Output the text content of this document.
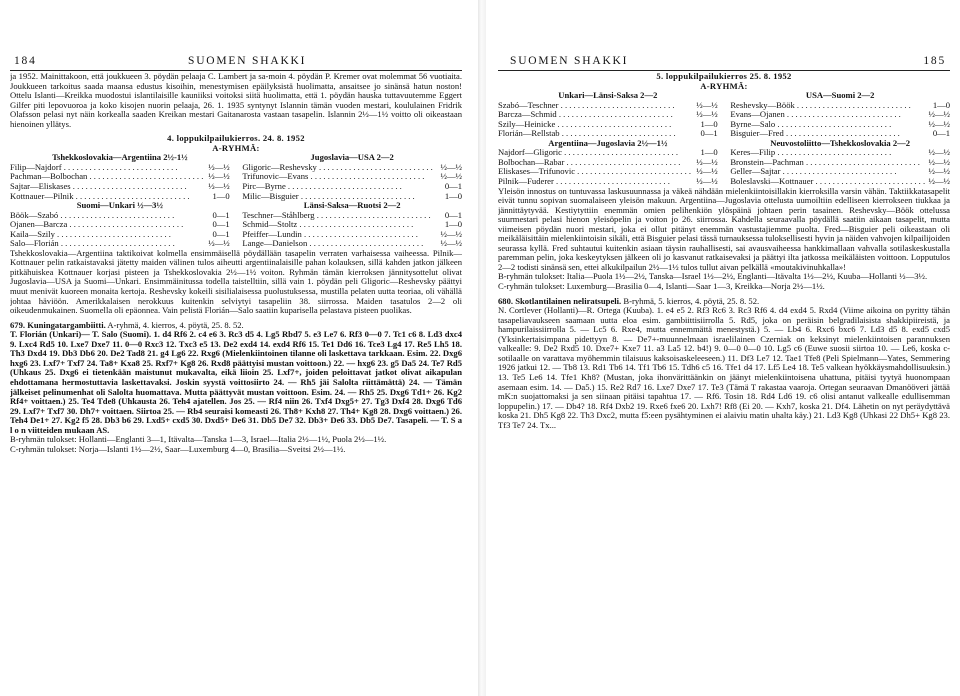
184	SUOMEN SHAKKI

ja 1952. Mainittakoon, että joukkueen 3. pöydän pelaaja C. Lambert ja sa-moin 4. pöydän P. Kremer ovat molemmat 56 vuotiaita. Joukkueen tarkoitus saada maansa edustus kisoihin, menestymisen epäilyksistä huolimatta, ansaitsee jo sinänsä hatun noston! Ottelu Islanti—Kreikka muodostui islantilaisille kauniiksi voitoksi siitä huolimatta, että 1. pöydän hauska tuttavuutemme Eggert Gilfer piti lepovuoroa ja koko kisojen nuorin pelaaja, 26. 1. 1935 syntynyt Islannin tämän vuoden mestari, koululainen Fridrik Olafsson pelasi nyt näin korkealla saaden Kreikan mestari Gaitanarosta vastaan tasapelin. Islannin 2½—1½ voitto oli oikeastaan hienoinen yllätys.

4. loppukilpailukierros. 24. 8. 1952
A-RYHMÄ:
Tshekkoslovakia—Argentiina 2½-1½
Filip—Najdorf . . .	½—½
Pachman—Bolbochan . . .	½—½
Sajtar—Eliskases . . .	½—½
Kottnauer—Pilnik . . .	1—0
Suomi—Unkari ½—3½
Böök—Szabó . . .	0—1
Ojanen—Barcza . . .	0—1
Kaila—Szily . . .	0—1
Salo—Florián . . .	½—½
Jugoslavia—USA 2—2
Gligoric—Reshevsky . . .	½—½
Trifunovic—Evans . . .	½—½
Pirc—Byrne . . .	0—1
Milic—Bisguier . . .	1—0
Länsi-Saksa—Ruotsi 2—2
Teschner—Ståhlberg . . .	0—1
Schmid—Stoltz . . .	1—0
Pfeiffer—Lundin . . .	½—½
Lange—Danielson . . .	½—½

Tshekkoslovakia—Argentiina taktikoivat kolmella ensimmäisellä pöydällään tasapelin verraten varhaisessa vaiheessa. Pilnik—Kottnauer pelin ratkaistavaksi jätetty maiden välinen tulos aiheutti argentiinalaisille pahan kolauksen, sillä kahden jatkon jälkeen pitkähuiskea Kottnauer korjasi pisteen ja Tshekkoslovakia 2½—1½ voiton. Ryhmän tämän kierroksen jännitysottelut olivat Jugoslavia—USA ja Suomi—Unkari. Ensimmäinitussa todella taistelltiin, sillä vain 1. pöydän peli Gligoric—Reshevsky päättyi muut menivät kuoreen monaita kertoja. Reshevsky kokeili sisilialaisessa puolustuksessa, mustilla pelaten uutta teoriaa, oli vähällä johtaa häviöön. Amerikkalaisen nerokkuus kuitenkin selviytyi tasapeliin 38. siirrossa. Maiden tasatulos 2—2 oli oikeudenmukainen. Suomella oli epäonnea. Vain pelistä Florián—Salo saatiin kuparisella pelastava pisteen puolikas.

679. Kuningatargambiitti. A-ryhmä, 4. kierros, 4. pöytä, 25. 8. 52.

T. Florián (Unkari)— T. Salo (Suomi). 1. d4 Rf6 2. c4 e6 3. Rc3 d5 4. Lg5 Rbd7 5. e3 Le7 6. Rf3 0—0 7. Tc1 c6 8. Ld3 dxc4 9. Lxc4 Rd5 10. Lxe7 Dxe7 11. 0—0 Rxc3 12. Txc3 e5 13. De2 exd4 14. exd4 Rf6 15. Te1 Dd6 16. Tce3 Lg4 17. Re5 Lh5 18. Th3 Dxd4 19. Db3 Db6 20. De2 Tad8 21. g4 Lg6 22. Rxg6 (Mielenkiintoinen tilanne oli laskettava tarkkaan. Esim. 22. Dxg6 hxg6 23. Lxf7+ Txf7 24. Ta8+ Kxa8 25. Rxf7+ Kg8 26. Rxd8 päättyisi mustan voittoon.) 22. — hxg6 23. g5 Da5 24. Te7 Rd5 (Uhkaus 25. Dxg6 ei tietenkään maistunut mukavalta, eikä liioin 25. Lxf7+, joiden peloittavat jatkot olivat aikapulan ehdottamana hermostuttavia laskettavaksi. Joskin syystä voittosiirto 24. — Rh5 jäi Salolta riittämättä) 24. — Tämän jälkeiset pelinumenhat oli Salolta huomattava. Mutta päättyvät mustan voittoon. Esim. 24. — Rh5 25. Dxg6 Td1+ 26. Kg2 Rf4+ voittaen.) 25. Te4 Tde8 (Uhkausta 26. Teh4 ajatellen. Jos 25. — Rf4 niin 26. Txf4 Dxg5+ 27. Tg3 Dxf4 28. Dxg6 Td6 29. Lxf7+ Txf7 30. Dh7+ voittaen. Siirtoa 25. — Rb4 seuraisi komeasti 26. Th8+ Kxh8 27. Th4+ Kg8 28. Dxg6 voittaen.) 26. Teh4 De1+ 27. Kg2 f5 28. Db3 b6 29. Lxd5+ cxd5 30. Dxd5+ De6 31. Db5 De7 32. Db3+ De6 33. Db5 De7. Tasapeli. — T. S a l o n viitteiden mukaan AS.

B-ryhmän tulokset: Hollanti—Englanti 3—1, Itävalta—Tanska 1—3, Israel—Italia 2½—1½, Puola 2½—1½.

C-ryhmän tulokset: Norja—Islanti 1½—2½, Saar—Luxemburg 4—0, Brasilia—Sveitsi 2½—1½.

SUOMEN SHAKKI	185
5. loppukilpailukierros 25. 8. 1952
A-RYHMÄ:
Unkari—Länsi-Saksa 2—2
Szabó—Teschner . . .	½—½
Barcza—Schmid . . .	½—½
Szily—Heinicke . . .	1—0
Florián—Rellstab . . .	0—1
Argentiina—Jugoslavia 2½—1½
Najdorf—Gligoric . . .	1—0
Bolbochan—Rabar . . .	½—½
Eliskases—Trifunovic . . .	½—½
Pilnik—Fuderer . . .	½—½
USA—Suomi 2—2
Reshevsky—Böök . . .	1—0
Evans—Ojanen . . .	½—½
Byrne—Salo . . .	½—½
Bisguier—Fred . . .	0—1
Neuvostoliitto—Tshekkoslovakia 2—2
Keres—Filip . . .	½—½
Bronstein—Pachman . . .	½—½
Geller—Sajtar . . .	½—½
Boleslavski—Kottnauer . . .	½—½

Yleisön innostus on tuntuvassa laskusuunnassa ja väkeä nähdään mielenkiintoisillakin kierroksilla varsin vähän. Taktiikkatasapelit eivät tunnu sopivan suomalaiseen yleisön makuun. Argentiina—Jugoslavia ottelusta uumoiltiin edelliseen kierrokseen tiukkaa ja jännittäytyvää. Kestiytyttiin enemmän omien pelihenkiön ylöspäinä johtaen perin tasainen. Reshevsky—Böök ottelussa suurmestari pelasi hienon yleisöpelin ja voiton jo 26. siirrossa. Kahdella seuraavalla pöydällä saatiin aikaan tasapelit, mutta viimeisen pöydän nuori mestari, joka ei ollut pitänyt enemmän vastustajiemme puolta. Fred—Bisguier peli oikeastaan oli meikäläisittäin mielenkiintoisin sikäli, että Bisguier pelasi tässä turnauksessa tuloksellisesti hyvin ja näiden vahvojen kilpailijoiden seurassa kyllä. Fred suhtautui kuitenkin asiaan täysin rauhallisesti, sai avausvaiheessa hankkimallaan vahvalla sotilaskeskustalla paremman pelin, joka keskeytyksen jälkeen oli jo kasvanut ratkaisevaksi ja päättyi ilta jatkossa meikäläisten voittoon. Lopputulos 2—2 todisti sinänsä sen, ettei alkukilpailun 2½—1½ tulos tullut aivan pelkällä «moutakivinuhkalla»!

B-ryhmän tulokset: Italia—Puola 1½—2½, Tanska—Israel 1½—2½, Englanti—Itävalta 1½—2½, Kuuba—Hollanti ½—3½.

C-ryhmän tulokset: Luxemburg—Brasilia 0—4, Islanti—Saar 1—3, Kreikka—Norja 2½—1½.

680. Skotlantilainen neliratsupeli. B-ryhmä, 5. kierros, 4. pöytä, 25. 8. 52.

N. Cortlever (Hollanti)—R. Ortega (Kuuba). 1. e4 e5 2. Rf3 Rc6 3. Rc3 Rf6 4. d4 exd4 5. Rxd4 (Viime aikoina on pyritty tähän tasapeliavaukseen saamaan uutta eloa esim. gambiittisiirrolla 5. Rd5, joka on peräisin belgradilaisista shakkipiireistä, ja hampurilaissiirrolla 5. — Lc5 6. Rxe4, mutta ennemmättä menestystä.) 5. — Lb4 6. Rxc6 bxc6 7. Ld3 d5 8. exd5 cxd5 (Yksinkertaisimpana pidettyyn 8. — De7+-muunnelmaan israelilainen Czerniak on keksinyt mielenkiintoisen parannuksen valkealle: 9. De2 Rxd5 10. Dxe7+ Kxe7 11. a3 La5 12. b4!) 9. 0—0 0—0 10. Lg5 c6 (Euwe suosii siirtoa 10. — Le6, koska c-sotilaalle on varattava myöhemmin tilaisuus kaksoisaskeleeseen.) 11. Df3 Le7 12. Tae1 Tfe8 (Peli Spielmann—Yates, Semmering 1926 jatkui 12. — Tb8 13. Rd1 Tb6 14. Tf1 Tb6 15. Tdh6 c5 16. Tfe1 d4 17. Lf5 Le4 18. Te5 valkean hyökkäysmahdollisuuksin.) 13. Te5 Le6 14. Tfe1 Kh8? (Mustan, joka ihonvärittäänkin on jäänyt mielenkiintoisena uhattuna, pitäisi tyytyä huonompaan asemaan esim. 14. — Da5.) 15. Re2 Rd7 16. Lxe7 Dxe7 17. Te3 (Tämä T rakastaa vaaroja. Ortegan seuraavan Dmanööveri jättää mK:n suojattomaksi ja sen siinaan pitäisi tapahtua 17. — Rf6. Tosin 18. Rd4 Ld6 19. c6 olisi antanut valkealle edullisemman loppupelin.) 17. — Db4? 18. Rf4 Dxb2 19. Rxe6 fxe6 20. Lxh7! Rf8 (Ei 20. — Kxh7, koska 21. Df4. Lähetin on nyt peräydyttävä koska 21. Dh5 Kg8 22. Th3 Dxc2, mutta f5:een pysähtyminen ei alaiviu matin uhalta käy.) 21. Ld3 Kg8 (Uhkasi 22 Dh5+ Kg8 23. Tf3 Te7 24. Tx...
